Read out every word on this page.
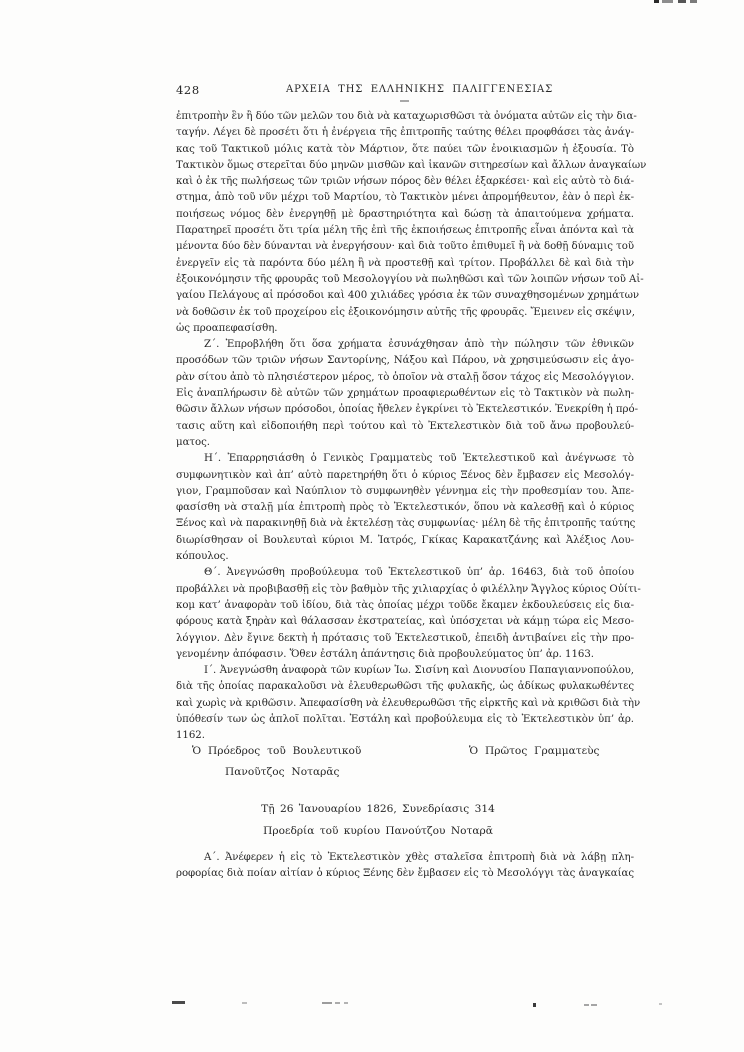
428	ΑΡΧΕΙΑ ΤΗΣ ΕΛΛΗΝΙΚΗΣ ΠΑΛΙΓΓΕΝΕΣΙΑΣ
ἐπιτροπὴν ἓν ἢ δύο τῶν μελῶν του διὰ νὰ καταχωρισθῶσι τὰ ὀνόματα αὐτῶν εἰς τὴν δια-
ταγήν. Λέγει δὲ προσέτι ὅτι ἡ ἐνέργεια τῆς ἐπιτροπῆς ταύτης θέλει προφθάσει τὰς ἀνάγ-
κας τοῦ Τακτικοῦ μόλις κατὰ τὸν Μάρτιον, ὅτε παύει τῶν ἐνοικιασμῶν ἡ ἐξουσία. Τὸ
Τακτικὸν ὅμως στερεῖται δύο μηνῶν μισθῶν καὶ ἱκανῶν σιτηρεσίων καὶ ἄλλων ἀναγκαίων
καὶ ὁ ἐκ τῆς πωλήσεως τῶν τριῶν νήσων πόρος δὲν θέλει ἐξαρκέσει· καὶ εἰς αὐτὸ τὸ διά-
στημα, ἀπὸ τοῦ νῦν μέχρι τοῦ Μαρτίου, τὸ Τακτικὸν μένει ἀπρομήθευτον, ἐὰν ὁ περὶ ἐκ-
ποιήσεως νόμος δὲν ἐνεργηθῇ μὲ δραστηριότητα καὶ δώσῃ τὰ ἀπαιτούμενα χρήματα.
Παρατηρεῖ προσέτι ὅτι τρία μέλη τῆς ἐπὶ τῆς ἐκποιήσεως ἐπιτροπῆς εἶναι ἀπόντα καὶ τὰ
μένοντα δύο δὲν δύνανται νὰ ἐνεργήσουν· καὶ διὰ τοῦτο ἐπιθυμεῖ ἢ νὰ δοθῇ δύναμις τοῦ
ἐνεργεῖν εἰς τὰ παρόντα δύο μέλη ἢ νὰ προστεθῇ καὶ τρίτον. Προβάλλει δὲ καὶ διὰ τὴν
ἐξοικονόμησιν τῆς φρουρᾶς τοῦ Μεσολογγίου νὰ πωληθῶσι καὶ τῶν λοιπῶν νήσων τοῦ Αἰ-
γαίου Πελάγους αἱ πρόσοδοι καὶ 400 χιλιάδες γρόσια ἐκ τῶν συναχθησομένων χρημάτων
νὰ δοθῶσιν ἐκ τοῦ προχείρου εἰς ἐξοικονόμησιν αὐτῆς τῆς φρουρᾶς. Ἔμεινεν εἰς σκέψιν,
ὡς προαπεφασίσθη.
Ζ΄. Ἐπροβλήθη ὅτι ὅσα χρήματα ἐσυνάχθησαν ἀπὸ τὴν πώλησιν τῶν ἐθνικῶν
προσόδων τῶν τριῶν νήσων Σαντορίνης, Νάξου καὶ Πάρου, νὰ χρησιμεύσωσιν εἰς ἀγο-
ρὰν σίτου ἀπὸ τὸ πλησιέστερον μέρος, τὸ ὁποῖον νὰ σταλῇ ὅσον τάχος εἰς Μεσολόγγιον.
Εἰς ἀναπλήρωσιν δὲ αὐτῶν τῶν χρημάτων προαφιερωθέντων εἰς τὸ Τακτικὸν νὰ πωλη-
θῶσιν ἄλλων νήσων πρόσοδοι, ὁποίας ἤθελεν ἐγκρίνει τὸ Ἐκτελεστικόν. Ἐνεκρίθη ἡ πρό-
τασις αὕτη καὶ εἰδοποιήθη περὶ τούτου καὶ τὸ Ἐκτελεστικὸν διὰ τοῦ ἄνω προβουλεύ-
ματος.
Η΄. Ἐπαρρησιάσθη ὁ Γενικὸς Γραμματεὺς τοῦ Ἐκτελεστικοῦ καὶ ἀνέγνωσε τὸ
συμφωνητικὸν καὶ ἀπ’ αὐτὸ παρετηρήθη ὅτι ὁ κύριος Ξένος δὲν ἔμβασεν εἰς Μεσολόγ-
γιον, Γραμποῦσαν καὶ Ναύπλιον τὸ συμφωνηθὲν γέννημα εἰς τὴν προθεσμίαν του. Ἀπε-
φασίσθη νὰ σταλῇ μία ἐπιτροπὴ πρὸς τὸ Ἐκτελεστικόν, ὅπου νὰ καλεσθῇ καὶ ὁ κύριος
Ξένος καὶ νὰ παρακινηθῇ διὰ νὰ ἐκτελέσῃ τὰς συμφωνίας· μέλη δὲ τῆς ἐπιτροπῆς ταύτης
διωρίσθησαν οἱ Βουλευταὶ κύριοι Μ. Ἰατρός, Γκίκας Καρακατζάνης καὶ Ἀλέξιος Λου-
κόπουλος.
Θ΄. Ἀνεγνώσθη προβούλευμα τοῦ Ἐκτελεστικοῦ ὑπ’ ἀρ. 16463, διὰ τοῦ ὁποίου
προβάλλει νὰ προβιβασθῇ εἰς τὸν βαθμὸν τῆς χιλιαρχίας ὁ φιλέλλην Ἄγγλος κύριος Οὐίτι-
κομ κατ’ ἀναφορὰν τοῦ ἰδίου, διὰ τὰς ὁποίας μέχρι τοῦδε ἔκαμεν ἐκδουλεύσεις εἰς δια-
φόρους κατὰ ξηρὰν καὶ θάλασσαν ἐκστρατείας, καὶ ὑπόσχεται νὰ κάμῃ τώρα εἰς Μεσο-
λόγγιον. Δὲν ἔγινε δεκτὴ ἡ πρότασις τοῦ Ἐκτελεστικοῦ, ἐπειδὴ ἀντιβαίνει εἰς τὴν προ-
γενομένην ἀπόφασιν. Ὅθεν ἐστάλη ἀπάντησις διὰ προβουλεύματος ὑπ’ ἀρ. 1163.
Ι΄. Ἀνεγνώσθη ἀναφορὰ τῶν κυρίων Ἰω. Σισίνη καὶ Διονυσίου Παπαγιαννοπούλου,
διὰ τῆς ὁποίας παρακαλοῦσι νὰ ἐλευθερωθῶσι τῆς φυλακῆς, ὡς ἀδίκως φυλακωθέντες
καὶ χωρὶς νὰ κριθῶσιν. Ἀπεφασίσθη νὰ ἐλευθερωθῶσι τῆς εἱρκτῆς καὶ νὰ κριθῶσι διὰ τὴν
ὑπόθεσίν των ὡς ἁπλοῖ πολῖται. Ἐστάλη καὶ προβούλευμα εἰς τὸ Ἐκτελεστικὸν ὑπ’ ἀρ.
1162.
Ὁ Πρόεδρος τοῦ Βουλευτικοῦ
Πανοῦτζος Νοταρᾶς
Ὁ Πρῶτος Γραμματεὺς
Τῇ 26 Ἰανουαρίου 1826, Συνεδρίασις 314
Προεδρία τοῦ κυρίου Πανούτζου Νοταρᾶ
Α΄. Ἀνέφερεν ἡ εἰς τὸ Ἐκτελεστικὸν χθὲς σταλεῖσα ἐπιτροπὴ διὰ νὰ λάβῃ πλη-
ροφορίας διὰ ποίαν αἰτίαν ὁ κύριος Ξένης δὲν ἔμβασεν εἰς τὸ Μεσολόγγι τὰς ἀναγκαίας
